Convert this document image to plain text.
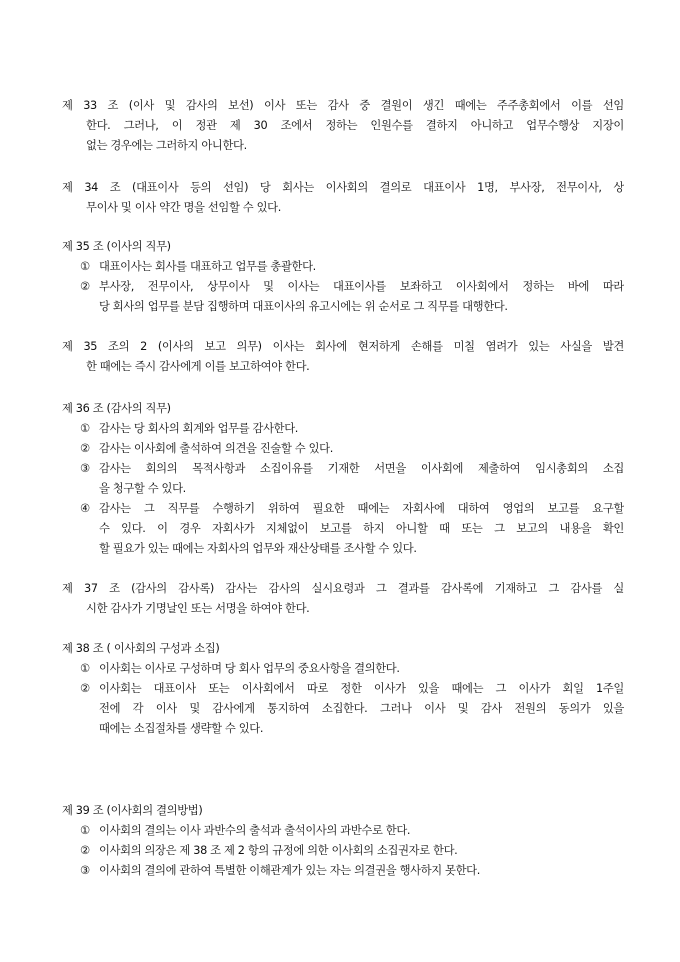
제 33 조 (이사 및 감사의 보선) 이사 또는 감사 중 결원이 생긴 때에는 주주총회에서 이를 선임
한다. 그러나, 이 정관 제 30 조에서 정하는 인원수를 결하지 아니하고 업무수행상 지장이
없는 경우에는 그러하지 아니한다.
제 34 조 (대표이사 등의 선임) 당 회사는 이사회의 결의로 대표이사 1명, 부사장, 전무이사, 상
무이사 및 이사 약간 명을 선임할 수 있다.
제 35 조 (이사의 직무)
① 대표이사는 회사를 대표하고 업무를 총괄한다.
② 부사장, 전무이사, 상무이사 및 이사는 대표이사를 보좌하고 이사회에서 정하는 바에 따라
당 회사의 업무를 분담 집행하며 대표이사의 유고시에는 위 순서로 그 직무를 대행한다.
제 35 조의 2 (이사의 보고 의무) 이사는 회사에 현저하게 손해를 미칠 염려가 있는 사실을 발견
한 때에는 즉시 감사에게 이를 보고하여야 한다.
제 36 조 (감사의 직무)
① 감사는 당 회사의 회계와 업무를 감사한다.
② 감사는 이사회에 출석하여 의견을 진술할 수 있다.
③ 감사는 회의의 목적사항과 소집이유를 기재한 서면을 이사회에 제출하여 임시총회의 소집
을 청구할 수 있다.
④ 감사는 그 직무를 수행하기 위하여 필요한 때에는 자회사에 대하여 영업의 보고를 요구할
수 있다. 이 경우 자회사가 지체없이 보고를 하지 아니할 때 또는 그 보고의 내용을 확인
할 필요가 있는 때에는 자회사의 업무와 재산상태를 조사할 수 있다.
제 37 조 (감사의 감사록) 감사는 감사의 실시요령과 그 결과를 감사록에 기재하고 그 감사를 실
시한 감사가 기명날인 또는 서명을 하여야 한다.
제 38 조 ( 이사회의 구성과 소집)
① 이사회는 이사로 구성하며 당 회사 업무의 중요사항을 결의한다.
② 이사회는 대표이사 또는 이사회에서 따로 정한 이사가 있을 때에는 그 이사가 회일 1주일
전에 각 이사 및 감사에게 통지하여 소집한다. 그러나 이사 및 감사 전원의 동의가 있을
때에는 소집절차를 생략할 수 있다.
제 39 조 (이사회의 결의방법)
① 이사회의 결의는 이사 과반수의 출석과 출석이사의 과반수로 한다.
② 이사회의 의장은 제 38 조 제 2 항의 규정에 의한 이사회의 소집권자로 한다.
③ 이사회의 결의에 관하여 특별한 이해관계가 있는 자는 의결권을 행사하지 못한다.
